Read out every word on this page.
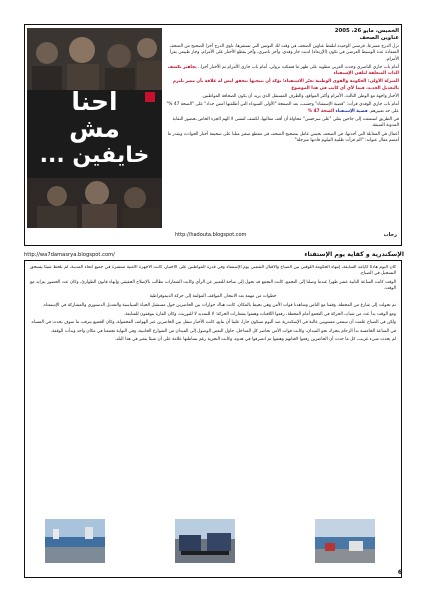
احنا
مش
خايفين ...
الخميس، مايو 26، 2005
عناوين الصحف

تزل الدرج مسرعا، قرصني الوحيدة لتلقط عناوين الصحف في وقت لك النوتس التي تستقرها، تاوي الدرج آخرا الصحيح من الصحف المتفادة عدة الوسيط العرضي في تكون (الإربعاء) لديت جار وقدي، وآخر ناصري، وآخر يقطع الأخبار على الأمرام، وجار طبيعي يقرأ الأمرام.

أمام باب جاري الناصري وجدت العربي مطويه على ظهر ما فتمكت نزولي، أمام باب جاري الأمرام ثم الأخبار آخرا.. يجاهير تكشف الذات المتعلقة لتلقي الإستفتاء

المنزلة الأولى: الحكومة والقوى الوطنية تعبّر الاستفتاء؛ تؤكد أن نتيجتها تتحقق ليس له علاقة بأن مصر تلتزم بالتعديل الجديد، فيما لأي أي كاتب في هذا الموضوع

الأخبار واجهة مع الوطن الثالث، الأمرام وأكثر المواقع، والطرف المستقل الذي يريد أن يكون الصحافة المواطنين.

أمام باب جاري الوفدي قرأت: "قضية الإستفتاء" وحسب، بعد الصفحة "الأولى السوداء التي أطلقتها أمس حداد" على "الصحة 47 %" على حد تعبيرهم. قضية الإستفتاء الصحة 47 %

في الطريق استمعت إلى جاحين بقلي "على سرحسن" محاولة أن أقف معاليها، لكشف لقشي لا الهم الجزء الخاص بحضور النقابة المدونة السبقة.

أعمال في المقابلة التي أحدثها، في الصحف بحبس عامل بتصحيح الصحف فى مقطع صغير متلبا على صحيفة أخبار الحوادث وبقدر ما أمضم مقال عنوانه: "الم قرأت طلبية التيلوم قادتها مترجلة"

http://hadouta.blogspot.com	رحاب
http://wa7damasrya.blogspot.com/	الإسكندرية و كفاية يوم الإستفتاء

كان اليوم هادئا كأيامه السابقة، إنتهاء الحكومة اللوقتي بين الصباح والاقبال الشعبي يوم الإستفتاء وفي قدرة المواطنين على الاختيار، كانت الأجهزة الأمنية منتشرة في جميع أنحاء المدينة، لم نلحظ شيئا يستحق التسجيل في الصباح.

الوقت كانت الساعة الثانية عشر ظهرا عندما وصلنا إلى التجمع، كانت التجمع قد تحول إلى ساحة للتعبير عن الرأي وكانت الشعارات تطالب بالإصلاح الحقيقي وإنهاء قانون الطوارئ، وكان عدد الحضور يتزايد مع الوقت.

خطوات من مهمة بعد الانتحار، المواقف المؤلمة إلى حركة الديموقراطية

ثم تحولت إلى شارع من المحطة، وقفنا مع الناس وشاهدنا قوات الأمن وهي تحيط بالمكان، كانت هناك حوارات بين الحاضرين حول مستقبل الحياة السياسية والتعديل الدستوري والمشاركة في الإستفتاء.

ومع الوقت بدأ عدد من شباب الحركة في التجمع أمام المحطة، رفعوا اللافتات وهتفوا بشعارات الحركة: لا للتمديد لا للتوريث، وكان المارة يتوقفون للمتابعة.

ولكن في الصباح علمت أن سمعي مستويين عالية في الإسكندرية ضد أليوم سيكون حارا، علينا أن نتابع، كانت الأخبار تنتقل بين الحاضرين عبر الهواتف المحمولة، وكان الجميع يترقب ما سوف يحدث في المساء.

في الساعة الخامسة بدأ الزحام يتحرك نحو الميدان، وكانت قوات الأمن تحاصر كل المداخل، حاول البعض الوصول إلى الميدان من الشوارع الجانبية، وفي النهاية تجمعنا في مكان واحد وبدأت الوقفة.

لم يحدث شيء غريب، كل ما حدث أن الحاضرين رفعوا لافتاتهم وهتفوا ثم انصرفوا في هدوء، وكانت التجربة رغم بساطتها علامة على أن شيئا يتغير في هذا البلد.

6
